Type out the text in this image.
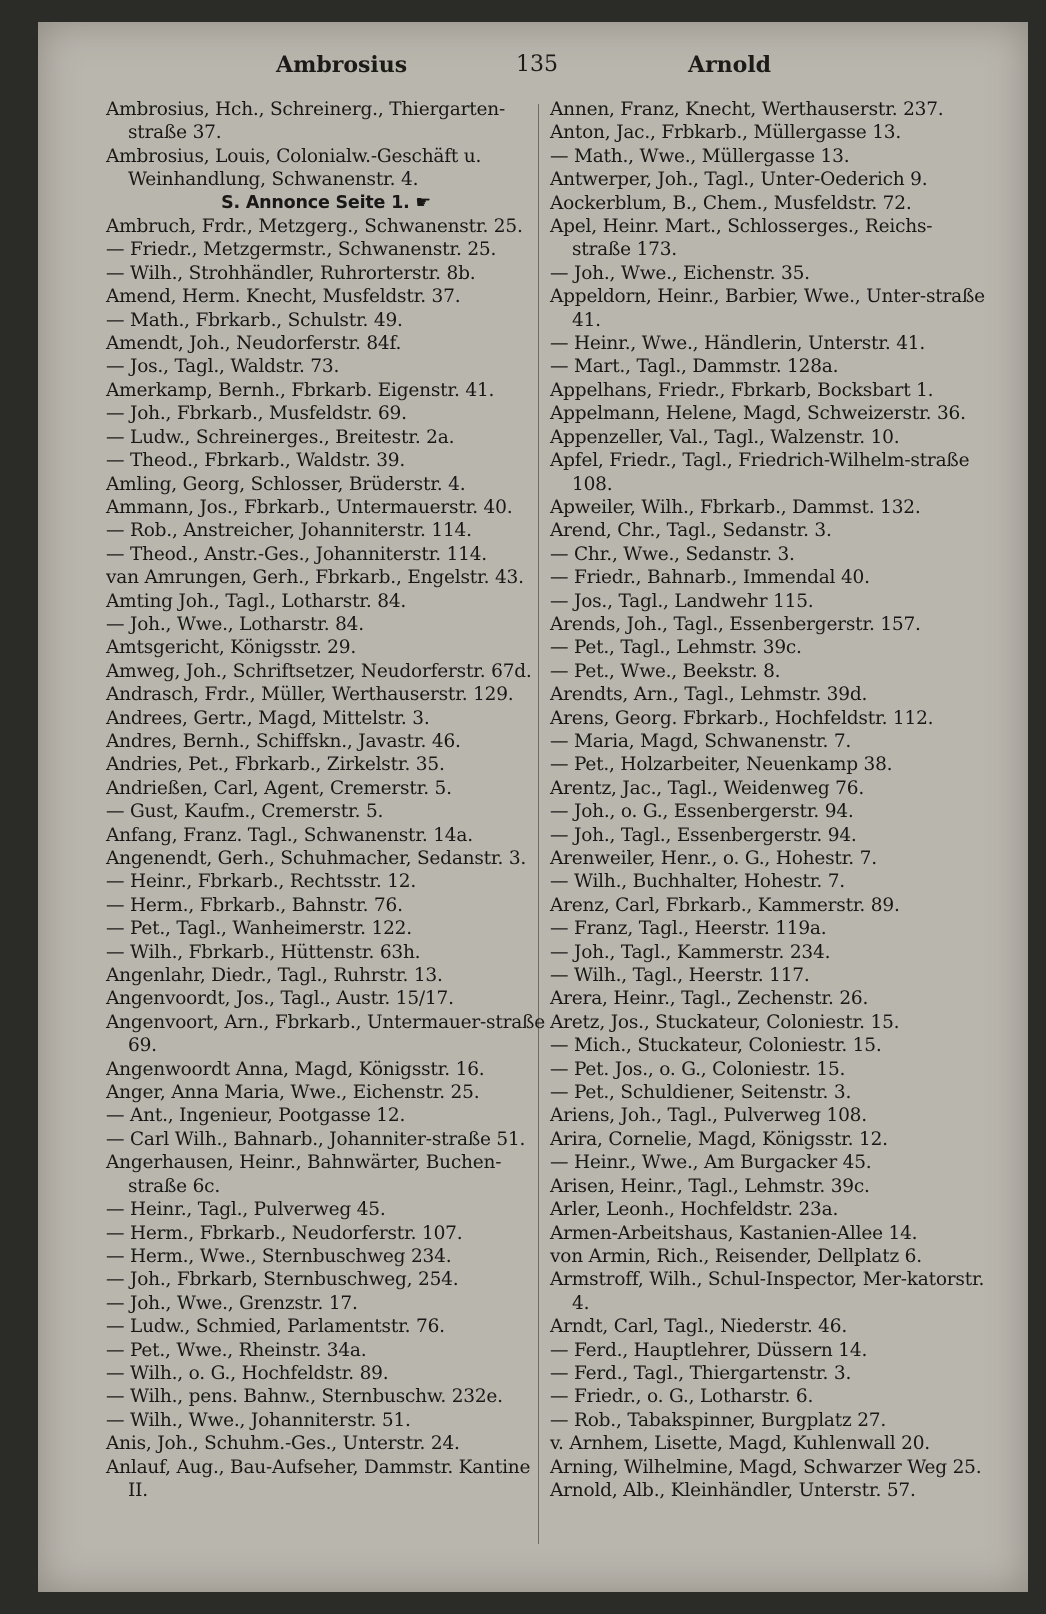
Ambrosius	135	Arnold
Ambrosius, Hch., Schreinerg., Thiergarten-straße 37.
Ambrosius, Louis, Colonialw.-Geschäft u. Weinhandlung, Schwanenstr. 4.
S. Annonce Seite 1. ☛
Ambruch, Frdr., Metzgerg., Schwanenstr. 25.
— Friedr., Metzgermstr., Schwanenstr. 25.
— Wilh., Strohhändler, Ruhrorterstr. 8b.
Amend, Herm. Knecht, Musfeldstr. 37.
— Math., Fbrkarb., Schulstr. 49.
Amendt, Joh., Neudorferstr. 84f.
— Jos., Tagl., Waldstr. 73.
Amerkamp, Bernh., Fbrkarb. Eigenstr. 41.
— Joh., Fbrkarb., Musfeldstr. 69.
— Ludw., Schreinerges., Breitestr. 2a.
— Theod., Fbrkarb., Waldstr. 39.
Amling, Georg, Schlosser, Brüderstr. 4.
Ammann, Jos., Fbrkarb., Untermauerstr. 40.
— Rob., Anstreicher, Johanniterstr. 114.
— Theod., Anstr.-Ges., Johanniterstr. 114.
van Amrungen, Gerh., Fbrkarb., Engelstr. 43.
Amting Joh., Tagl., Lotharstr. 84.
— Joh., Wwe., Lotharstr. 84.
Amtsgericht, Königsstr. 29.
Amweg, Joh., Schriftsetzer, Neudorferstr. 67d.
Andrasch, Frdr., Müller, Werthauserstr. 129.
Andrees, Gertr., Magd, Mittelstr. 3.
Andres, Bernh., Schiffskn., Javastr. 46.
Andries, Pet., Fbrkarb., Zirkelstr. 35.
Andrießen, Carl, Agent, Cremerstr. 5.
— Gust, Kaufm., Cremerstr. 5.
Anfang, Franz. Tagl., Schwanenstr. 14a.
Angenendt, Gerh., Schuhmacher, Sedanstr. 3.
— Heinr., Fbrkarb., Rechtsstr. 12.
— Herm., Fbrkarb., Bahnstr. 76.
— Pet., Tagl., Wanheimerstr. 122.
— Wilh., Fbrkarb., Hüttenstr. 63h.
Angenlahr, Diedr., Tagl., Ruhrstr. 13.
Angenvoordt, Jos., Tagl., Austr. 15/17.
Angenvoort, Arn., Fbrkarb., Untermauer-straße 69.
Angenwoordt Anna, Magd, Königsstr. 16.
Anger, Anna Maria, Wwe., Eichenstr. 25.
— Ant., Ingenieur, Pootgasse 12.
— Carl Wilh., Bahnarb., Johanniter-straße 51.
Angerhausen, Heinr., Bahnwärter, Buchen-straße 6c.
— Heinr., Tagl., Pulverweg 45.
— Herm., Fbrkarb., Neudorferstr. 107.
— Herm., Wwe., Sternbuschweg 234.
— Joh., Fbrkarb, Sternbuschweg, 254.
— Joh., Wwe., Grenzstr. 17.
— Ludw., Schmied, Parlamentstr. 76.
— Pet., Wwe., Rheinstr. 34a.
— Wilh., o. G., Hochfeldstr. 89.
— Wilh., pens. Bahnw., Sternbuschw. 232e.
— Wilh., Wwe., Johanniterstr. 51.
Anis, Joh., Schuhm.-Ges., Unterstr. 24.
Anlauf, Aug., Bau-Aufseher, Dammstr. Kantine II.
Annen, Franz, Knecht, Werthauserstr. 237.
Anton, Jac., Frbkarb., Müllergasse 13.
— Math., Wwe., Müllergasse 13.
Antwerper, Joh., Tagl., Unter-Oederich 9.
Aockerblum, B., Chem., Musfeldstr. 72.
Apel, Heinr. Mart., Schlosserges., Reichs-straße 173.
— Joh., Wwe., Eichenstr. 35.
Appeldorn, Heinr., Barbier, Wwe., Unter-straße 41.
— Heinr., Wwe., Händlerin, Unterstr. 41.
— Mart., Tagl., Dammstr. 128a.
Appelhans, Friedr., Fbrkarb, Bocksbart 1.
Appelmann, Helene, Magd, Schweizerstr. 36.
Appenzeller, Val., Tagl., Walzenstr. 10.
Apfel, Friedr., Tagl., Friedrich-Wilhelm-straße 108.
Apweiler, Wilh., Fbrkarb., Dammst. 132.
Arend, Chr., Tagl., Sedanstr. 3.
— Chr., Wwe., Sedanstr. 3.
— Friedr., Bahnarb., Immendal 40.
— Jos., Tagl., Landwehr 115.
Arends, Joh., Tagl., Essenbergerstr. 157.
— Pet., Tagl., Lehmstr. 39c.
— Pet., Wwe., Beekstr. 8.
Arendts, Arn., Tagl., Lehmstr. 39d.
Arens, Georg. Fbrkarb., Hochfeldstr. 112.
— Maria, Magd, Schwanenstr. 7.
— Pet., Holzarbeiter, Neuenkamp 38.
Arentz, Jac., Tagl., Weidenweg 76.
— Joh., o. G., Essenbergerstr. 94.
— Joh., Tagl., Essenbergerstr. 94.
Arenweiler, Henr., o. G., Hohestr. 7.
— Wilh., Buchhalter, Hohestr. 7.
Arenz, Carl, Fbrkarb., Kammerstr. 89.
— Franz, Tagl., Heerstr. 119a.
— Joh., Tagl., Kammerstr. 234.
— Wilh., Tagl., Heerstr. 117.
Arera, Heinr., Tagl., Zechenstr. 26.
Aretz, Jos., Stuckateur, Coloniestr. 15.
— Mich., Stuckateur, Coloniestr. 15.
— Pet. Jos., o. G., Coloniestr. 15.
— Pet., Schuldiener, Seitenstr. 3.
Ariens, Joh., Tagl., Pulverweg 108.
Arira, Cornelie, Magd, Königsstr. 12.
— Heinr., Wwe., Am Burgacker 45.
Arisen, Heinr., Tagl., Lehmstr. 39c.
Arler, Leonh., Hochfeldstr. 23a.
Armen-Arbeitshaus, Kastanien-Allee 14.
von Armin, Rich., Reisender, Dellplatz 6.
Armstroff, Wilh., Schul-Inspector, Mer-katorstr. 4.
Arndt, Carl, Tagl., Niederstr. 46.
— Ferd., Hauptlehrer, Düssern 14.
— Ferd., Tagl., Thiergartenstr. 3.
— Friedr., o. G., Lotharstr. 6.
— Rob., Tabakspinner, Burgplatz 27.
v. Arnhem, Lisette, Magd, Kuhlenwall 20.
Arning, Wilhelmine, Magd, Schwarzer Weg 25.
Arnold, Alb., Kleinhändler, Unterstr. 57.
